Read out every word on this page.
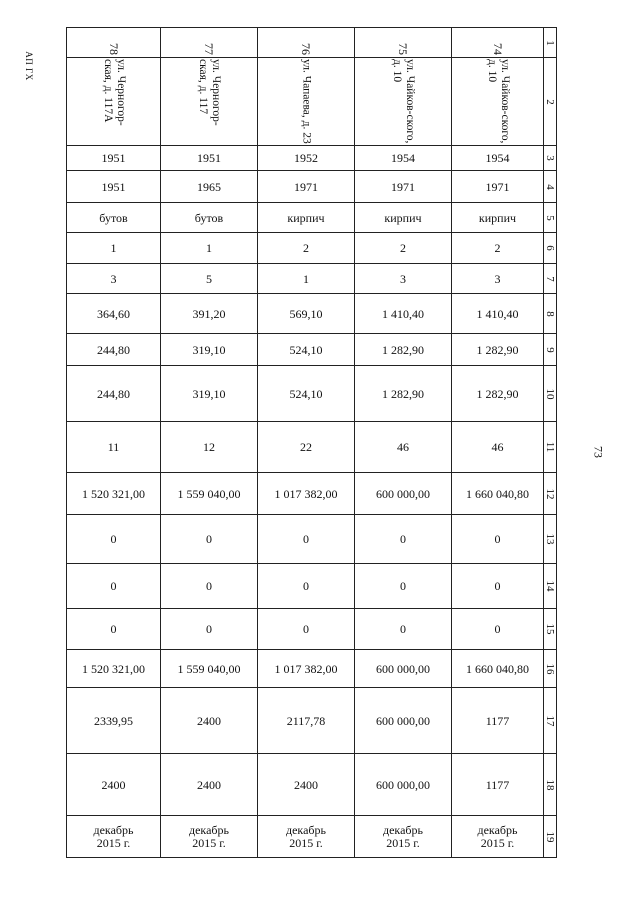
АП ГХ
73
78	77	76	75	74	1

ул. Черногор-ская, д. 117А	ул. Черногор-ская, д. 117	ул. Чапаева, д. 23	ул. Чайков-ского, д. 10	ул. Чайков-ского, д. 10	2

1951	1951	1952	1954	1954	3

1951	1965	1971	1971	1971	4

бутов	бутов	кирпич	кирпич	кирпич	5

1	1	2	2	2	6

3	5	1	3	3	7

364,60	391,20	569,10	1 410,40	1 410,40	8

244,80	319,10	524,10	1 282,90	1 282,90	9

244,80	319,10	524,10	1 282,90	1 282,90	10

11	12	22	46	46	11

1 520 321,00	1 559 040,00	1 017 382,00	600 000,00	1 660 040,80	12

0	0	0	0	0	13

0	0	0	0	0	14

0	0	0	0	0	15

1 520 321,00	1 559 040,00	1 017 382,00	600 000,00	1 660 040,80	16

2339,95	2400	2117,78	600 000,00	1177	17

2400	2400	2400	600 000,00	1177	18

декабрь
2015 г.	декабрь
2015 г.	декабрь
2015 г.	декабрь
2015 г.	декабрь
2015 г.	19
